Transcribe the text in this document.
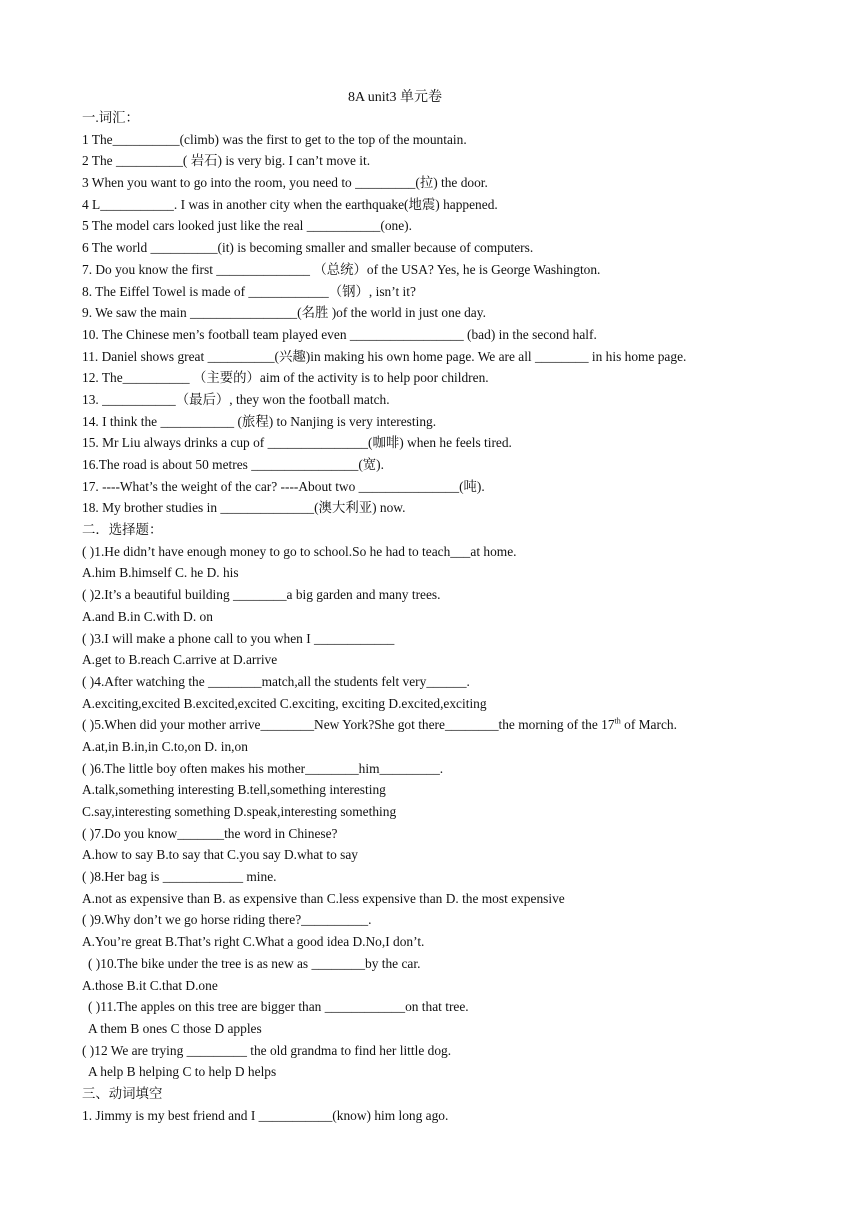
8A unit3 单元卷
一.词汇：
1 The__________(climb) was the first to get to the top of the mountain.
2 The __________( 岩石) is very big. I can’t move it.
3 When you want to go into the room, you need to _________(拉) the door.
4 L___________. I was in another city when the earthquake(地震) happened.
5 The model cars looked just like the real ___________(one).
6 The world __________(it) is becoming smaller and smaller because of computers.
7. Do you know the first ______________ （总统）of the USA? Yes, he is George Washington.
8. The Eiffel Towel is made of ____________（钢）, isn’t it?
9. We saw the main ________________(名胜 )of the world in just one day.
10. The Chinese men’s football team played even _________________ (bad) in the second half.
11. Daniel shows great __________(兴趣)in making his own home page. We are all ________ in his home page.
12. The__________ （主要的）aim of the activity is to help poor children.
13. ___________（最后）, they won the football match.
14. I think the ___________ (旅程) to Nanjing is very interesting.
15. Mr Liu always drinks a cup of _______________(咖啡) when he feels tired.
16.The road is about 50 metres ________________(宽).
17. ----What’s the weight of the car? ----About two _______________(吨).
18. My brother studies in ______________(澳大利亚) now.
二．选择题：
( )1.He didn’t have enough money to go to school.So he had to teach___at home.
A.him B.himself C. he D. his
( )2.It’s a beautiful building ________a big garden and many trees.
A.and B.in C.with D. on
( )3.I will make a phone call to you when I ____________
A.get to B.reach C.arrive at D.arrive
( )4.After watching the ________match,all the students felt very______.
A.exciting,excited B.excited,excited C.exciting, exciting D.excited,exciting
( )5.When did your mother arrive________New York?She got there________the morning of the 17th of March.
A.at,in B.in,in C.to,on D. in,on
( )6.The little boy often makes his mother________him_________.
A.talk,something interesting B.tell,something interesting
C.say,interesting something D.speak,interesting something
( )7.Do you know_______the word in Chinese?
A.how to say B.to say that C.you say D.what to say
( )8.Her bag is ____________ mine.
A.not as expensive than B. as expensive than C.less expensive than D. the most expensive
( )9.Why don’t we go horse riding there?__________.
A.You’re great B.That’s right C.What a good idea D.No,I don’t.
( )10.The bike under the tree is as new as ________by the car.
A.those B.it C.that D.one
( )11.The apples on this tree are bigger than ____________on that tree.
A them B ones C those D apples
( )12 We are trying _________ the old grandma to find her little dog.
A help B helping C to help D helps
三、动词填空
1. Jimmy is my best friend and I ___________(know) him long ago.
